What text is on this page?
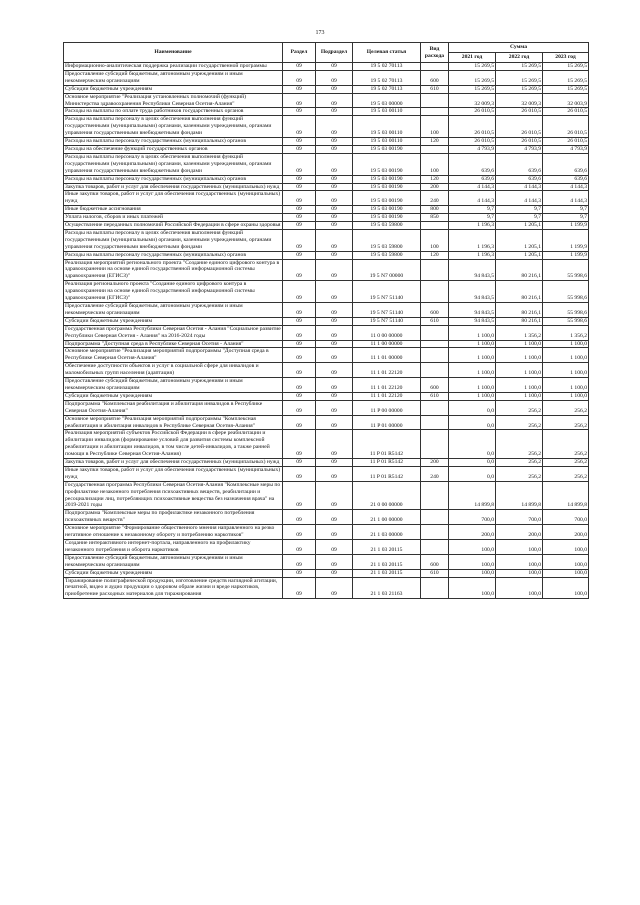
173
Наименование	Раздел	Подраздел	Целевая статья	Вид расхода	Сумма		
					2021 год	2022 год	2023 год
Информационно-аналитическая поддержка реализации государственной программы	09	09	19 5 02 70113		15 269,5	15 269,5	15 269,5
Предоставление субсидий бюджетным, автономным учреждениям и иным некоммерческим организациям	09	09	19 5 02 70113	600	15 269,5	15 269,5	15 269,5
Субсидии бюджетным учреждениям	09	09	19 5 02 70113	610	15 269,5	15 269,5	15 269,5
Основное мероприятие "Реализация установленных полномочий (функций) Министерства здравоохранения Республики Северная Осетия-Алания"	09	09	19 5 03 00000		32 009,3	32 009,3	32 003,9
Расходы на выплаты по оплате труда работников государственных органов	09	09	19 5 03 00110		26 010,5	26 010,5	26 010,5
Расходы на выплаты персоналу в целях обеспечения выполнения функций государственными (муниципальными) органами, казенными учреждениями, органами управления государственными внебюджетными фондами	09	09	19 5 03 00110	100	26 010,5	26 010,5	26 010,5
Расходы на выплаты персоналу государственных (муниципальных) органов	09	09	19 5 03 00110	120	26 010,5	26 010,5	26 010,5
Расходы на обеспечение функций государственных органов	09	09	19 5 03 00190		4 793,9	4 793,9	4 793,9
Расходы на выплаты персоналу в целях обеспечения выполнения функций государственными (муниципальными) органами, казенными учреждениями, органами управления государственными внебюджетными фондами	09	09	19 5 03 00190	100	639,6	639,6	639,6
Расходы на выплаты персоналу государственных (муниципальных) органов	09	09	19 5 03 00190	120	639,6	639,6	639,6
Закупка товаров, работ и услуг для обеспечения государственных (муниципальных) нужд	09	09	19 5 03 00190	200	4 144,3	4 144,3	4 144,3
Иные закупки товаров, работ и услуг для обеспечения государственных (муниципальных) нужд	09	09	19 5 03 00190	240	4 144,3	4 144,3	4 144,3
Иные бюджетные ассигнования	09	09	19 5 03 00190	800	9,7	9,7	9,7
Уплата налогов, сборов и иных платежей	09	09	19 5 03 00190	850	9,7	9,7	9,7
Осуществление переданных полномочий Российской Федерации в сфере охраны здоровья	09	09	19 5 03 59800		1 196,3	1 205,1	1 199,9
Расходы на выплаты персоналу в целях обеспечения выполнения функций государственными (муниципальными) органами, казенными учреждениями, органами управления государственными внебюджетными фондами	09	09	19 5 03 59800	100	1 196,3	1 205,1	1 199,9
Расходы на выплаты персоналу государственных (муниципальных) органов	09	09	19 5 03 59800	120	1 196,3	1 205,1	1 199,9
Реализация мероприятий регионального проекта "Создание единого цифрового контура в здравоохранении на основе единой государственной информационной системы здравоохранения (ЕГИСЗ)"	09	09	19 5 N7 00000		94 843,5	80 216,1	55 998,6
Реализация регионального проекта "Создание единого цифрового контура в здравоохранении на основе единой государственной информационной системы здравоохранения (ЕГИСЗ)"	09	09	19 5 N7 51140		94 843,5	80 216,1	55 998,6
Предоставление субсидий бюджетным, автономным учреждениям и иным некоммерческим организациям	09	09	19 5 N7 51140	600	94 843,5	80 216,1	55 998,6
Субсидии бюджетным учреждениям	09	09	19 5 N7 51140	610	94 843,5	80 216,1	55 998,6
Государственная программа Республики Северная Осетия - Алания "Социальное развитие Республики Северная Осетия - Алания" на 2016-2024 годы	09	09	11 0 00 00000		1 100,0	1 356,2	1 356,2
Подпрограмма "Доступная среда в Республике Северная Осетия - Алания"	09	09	11 1 00 00000		1 100,0	1 100,0	1 100,0
Основное мероприятие "Реализация мероприятий подпрограммы "Доступная среда в Республике Северная Осетия-Алания"	09	09	11 1 01 00000		1 100,0	1 100,0	1 100,0
Обеспечение доступности объектов и услуг в социальной сфере для инвалидов и маломобильных групп населения (адаптация)	09	09	11 1 01 22120		1 100,0	1 100,0	1 100,0
Предоставление субсидий бюджетным, автономным учреждениям и иным некоммерческим организациям	09	09	11 1 01 22120	600	1 100,0	1 100,0	1 100,0
Субсидии бюджетным учреждениям	09	09	11 1 01 22120	610	1 100,0	1 100,0	1 100,0
Подпрограмма "Комплексная реабилитация и абилитация инвалидов в Республике Северная Осетия-Алания"	09	09	11 P 00 00000		0,0	256,2	256,2
Основное мероприятие "Реализация мероприятий подпрограммы "Комплексная реабилитация и абилитация инвалидов в Республике Северная Осетия-Алания"	09	09	11 P 01 00000		0,0	256,2	256,2
Реализация мероприятий субъектов Российской Федерации в сфере реабилитации и абилитации инвалидов (формирование условий для развития системы комплексной реабилитации и абилитации инвалидов, в том числе детей-инвалидов, а также ранней помощи в Республике Северная Осетия-Алания)	09	09	11 P 01 R5142		0,0	256,2	256,2
Закупка товаров, работ и услуг для обеспечения государственных (муниципальных) нужд	09	09	11 P 01 R5142	200	0,0	256,2	256,2
Иные закупки товаров, работ и услуг для обеспечения государственных (муниципальных) нужд	09	09	11 P 01 R5142	240	0,0	256,2	256,2
Государственная программа Республики Северная Осетия-Алания "Комплексные меры по профилактике незаконного потребления психоактивных веществ, реабилитации и ресоциализации лиц, потребляющих психоактивные вещества без назначения врача" на 2019-2021 годы	09	09	21 0 00 00000		14 899,8	14 899,8	14 899,8
Подпрограмма "Комплексные меры по профилактике незаконного потребления психоактивных веществ"	09	09	21 1 00 00000		700,0	700,0	700,0
Основное мероприятие "Формирование общественного мнения направленного на резко негативное отношение к незаконному обороту и потреблению наркотиков"	09	09	21 1 03 00000		200,0	200,0	200,0
Создание интерактивного интернет-портала, направленного на профилактику незаконного потребления и оборота наркотиков	09	09	21 1 03 20115		100,0	100,0	100,0
Предоставление субсидий бюджетным, автономным учреждениям и иным некоммерческим организациям	09	09	21 1 03 20115	600	100,0	100,0	100,0
Субсидии бюджетным учреждениям	09	09	21 1 03 20115	610	100,0	100,0	100,0
Тиражирование полиграфической продукции, изготовление средств наглядной агитации, печатной, видео и аудио продукции о здоровом образе жизни и вреде наркотиков, приобретение расходных материалов для тиражирования	09	09	21 1 03 21163		100,0	100,0	100,0
